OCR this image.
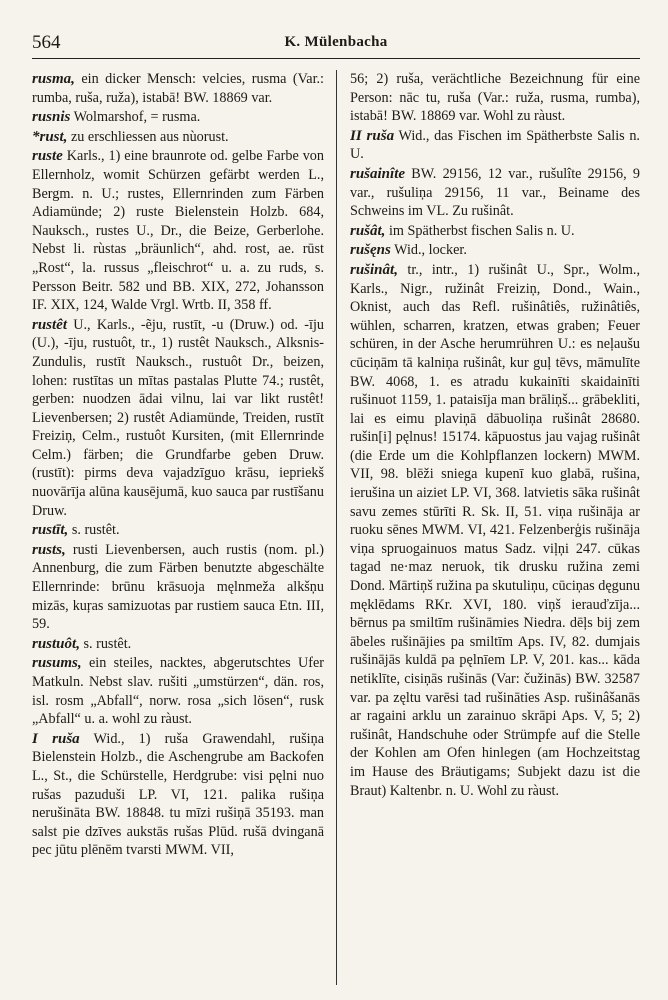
564	K. Mülenbacha

rusma, ein dicker Mensch: velcies, rusma (Var.: rumba, ruša, ruža), istabā! BW. 18869 var.

rusnis Wolmarshof, = rusma.

*rust, zu erschliessen aus nùorust.

ruste Karls., 1) eine braunrote od. gelbe Farbe von Ellernholz, womit Schürzen gefärbt werden L., Bergm. n. U.; rustes, Ellernrinden zum Färben Adiamünde; 2) ruste Bielenstein Holzb. 684, Nauksch., rustes U., Dr., die Beize, Gerberlohe. Nebst li. rùstas „bräunlich“, ahd. rost, ae. rūst „Rost“, la. russus „fleischrot“ u. a. zu ruds, s. Persson Beitr. 582 und BB. XIX, 272, Johansson IF. XIX, 124, Walde Vrgl. Wrtb. II, 358 ff.

rustêt U., Karls., -ẽju, rustīt, -u (Druw.) od. -īju (U.), -īju, rustuôt, tr., 1) rustêt Nauksch., Alksnis-Zundulis, rustīt Nauksch., rustuôt Dr., beizen, lohen: rustītas un mītas pastalas Plutte 74.; rustêt, gerben: nuodzen ādai vilnu, lai var likt rustêt! Lievenbersen; 2) rustêt Adiamünde, Treiden, rustīt Freiziņ, Celm., rustuôt Kursiten, (mit Ellernrinde Celm.) färben; die Grundfarbe geben Druw. (rustīt): pirms deva vajadzīguo krāsu, iepriekš nuovārīja alūna kausējumā, kuo sauca par rustīšanu Druw.

rustīt, s. rustêt.

rusts, rusti Lievenbersen, auch rustis (nom. pl.) Annenburg, die zum Färben benutzte abgeschälte Ellernrinde: brūnu krāsuoja męlnmeža alkšņu mizās, kuŗas samizuotas par rustiem sauca Etn. III, 59.

rustuôt, s. rustêt.

rusums, ein steiles, nacktes, abgerutschtes Ufer Matkuln. Nebst slav. rušiti „umstürzen“, dän. ros, isl. rosm „Abfall“, norw. rosa „sich lösen“, rusk „Abfall“ u. a. wohl zu ràust.

I ruša Wid., 1) ruša Grawendahl, rušiņa Bielenstein Holzb., die Aschengrube am Backofen L., St., die Schürstelle, Herdgrube: visi pęlni nuo rušas pazuduši LP. VI, 121. palika rušiņa nerušināta BW. 18848. tu mīzi rušiņā 35193. man salst pie dzīves aukstās rušas Plūd. rušā dvinganā pec jūtu plēnēm tvarsti MWM. VII,

56; 2) ruša, verächtliche Bezeichnung für eine Person: nāc tu, ruša (Var.: ruža, rusma, rumba), istabā! BW. 18869 var. Wohl zu ràust.

II ruša Wid., das Fischen im Spätherbste Salis n. U.

rušainîte BW. 29156, 12 var., rušulîte 29156, 9 var., rušuliņa 29156, 11 var., Beiname des Schweins im VL. Zu rušinât.

rušât, im Spätherbst fischen Salis n. U.

rušęns Wid., locker.

rušinât, tr., intr., 1) rušinât U., Spr., Wolm., Karls., Nigr., ružinât Freiziņ, Dond., Wain., Oknist, auch das Refl. rušinâtiês, ružinâtiês, wühlen, scharren, kratzen, etwas graben; Feuer schüren, in der Asche herumrühren U.: es neļaušu cūciņām tā kalniņa rušinât, kur guļ tēvs, māmulīte BW. 4068, 1. es atradu kukainīti skaidainīti rušinuot 1159, 1. pataisīja man brāliņš... grābekliti, lai es eimu plaviņā dābuoliņa rušinât 28680. rušin[i] pęlnus! 15174. kāpuostus jau vajag rušinât (die Erde um die Kohlpflanzen lockern) MWM. VII, 98. blēži sniega kupenī kuo glabā, rušina, ierušina un aiziet LP. VI, 368. latvietis sāka rušinât savu zemes stūrīti R. Sk. II, 51. viņa rušināja ar ruoku sēnes MWM. VI, 421. Felzenberģis rušināja viņa spruogainuos matus Sadz. viļņi 247. cūkas tagad ne·maz neruok, tik drusku ružina zemi Dond. Mārtiņš ružina pa skutuliņu, cūciņas dęgunu męklēdams RKr. XVI, 180. viņš ierauďzīja... bērnus pa smiltīm rušināmies Niedra. dēļs bij zem ābeles rušinājies pa smiltīm Aps. IV, 82. dumjais rušinājās kuldā pa pęlnīem LP. V, 201. kas... kāda netiklīte, cisiņās rušinās (Var: čužinās) BW. 32587 var. pa zęltu varēsi tad rušināties Asp. rušinâšanās ar ragaini arklu un zarainuo skrāpi Aps. V, 5; 2) rušinât, Handschuhe oder Strümpfe auf die Stelle der Kohlen am Ofen hinlegen (am Hochzeitstag im Hause des Bräutigams; Subjekt dazu ist die Braut) Kaltenbr. n. U. Wohl zu ràust.
